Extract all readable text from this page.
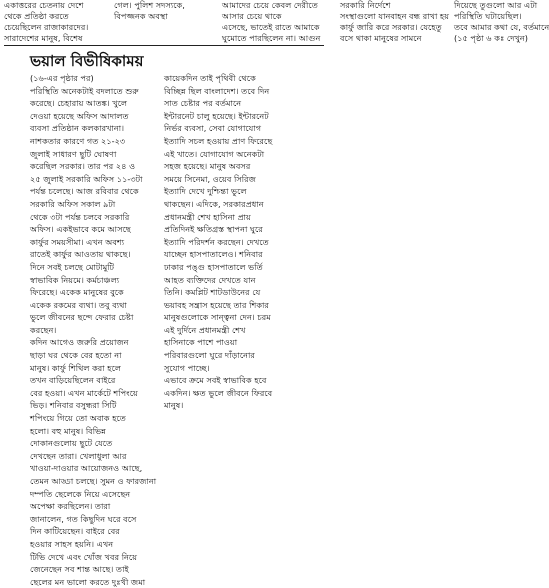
একাত্তরের চেতনায় দেশে
থেকে প্রতিষ্ঠা করতে
চেয়েছিলেন রাজাকারদের।
সারাদেশের মানুষ, বিশেষ
গেল। পুলিশ সদস্যকে,
বিপজ্জনক অবস্থা
আমাদের চেয়ে কেবল দেরীতে
আসার চেয়ে থাকে
এসেছে, ভাতেই রাতে আমাকে
ঘুমোতে পারছিলেন না। আগুন
সরকারি নির্দেশে
সংস্থাগুলো যানবাহন বন্ধ রাখা হয়
কার্ফু জারি করে সরকার। যেহেতু
বসে থাকা মানুষের সামনে
দিয়েছে তুগুলো আর এটা
পরিস্থিতি ঘটায়েছিল।
তবে আমার কথা যে, বর্তমানে
(১৫ পৃষ্ঠা ৬ কঃ দেখুন)
ভয়াল বিভীষিকাময়
(১৬-এর পৃষ্ঠার পর)
পরিস্থিতি অনেকটাই বদলাতে শুরু
করেছে। চেহারায় আতঙ্ক। খুলে
দেওয়া হয়েছে অফিস আদালত
ব্যবসা প্রতিষ্ঠান কলকারখানা।
নাশকতার কারণে গত ২১-২৩
জুলাই সাধারণ ছুটি ঘোষণা
করেছিল সরকার। তার পর ২৪ ও
২৫ জুলাই সরকারি অফিস ১১-৩টা
পর্যন্ত চলেছে। আজ রবিবার থেকে
সরকারি অফিস সকাল ৯টা
থেকে ৩টা পর্যন্ত চলবে সরকারি
অফিস। একইভাবে কমে আসছে
কার্ফুর সময়সীমা। এখন অবশ্য
রাতেই কার্ফুর আওতায় থাকছে।
দিনে সবই চলছে মোটামুটি
স্বাভাবিক নিয়মে। কর্মচাঞ্চল্য
ফিরেছে। একেক মানুষের বুকে
একেক রকমের ব্যথা। তবু ব্যথা
ভুলে জীবনের ছন্দে ফেরার চেষ্টা
করছেন।
কদিন আগেও জরুরি প্রয়োজন
ছাড়া ঘর থেকে বের হতো না
মানুষ। কার্ফু শিথিল করা হলে
তখন বাড়িয়েছিলেন বাইরে
বের হওয়া। এখন মার্কেটে শপিংয়ে
ভিড়। শনিবার বসুন্ধরা সিটি
শপিংয়ে গিয়ে তো অবাক হতে
হলো। বহু মানুষ। বিভিন্ন
দোকানগুলোয় ছুটে যেতে
দেখছেন তারা। খেলাধুলা আর
খাওয়া-দাওয়ার আয়োজনও আছে,
তেমন আড্ডা চলছে। সুমন ও ফারজানা
দম্পতি ছেলেকে নিয়ে এসেছেন
অপেক্ষা করছিলেন। তারা
জানালেন, গত কিছুদিন ঘরে বসে
দিন কাটিয়েছেন। বাইরে বের
হওয়ার সাহস হয়নি। এখন
টিভি দেখে এবং খোঁজ খবর নিয়ে
জেনেছেন সব শান্ত আছে। তাই
ছেলের মন ভালো করতে দুঃখী জমা
কায়েকদিন তাই পৃথিবী থেকে
বিচ্ছিন্ন ছিল বাংলাদেশ। তবে দিন
সাত চেষ্টার পর বর্তমানে
ইন্টারনেট চালু হয়েছে। ইন্টারনেট
নির্ভর ব্যবসা, সেবা যোগাযোগ
ইত্যাদি সচল হওয়ায় প্রাণ ফিরেছে
এই খাতে। যোগাযোগ অনেকটা
সহজ হয়েছে। মানুষ অবসর
সময়ে সিনেমা, ওয়েব সিরিজ
ইত্যাদি দেখে দুশ্চিন্তা ভুলে
থাকছেন। এদিকে, সরকারপ্রধান
প্রধানমন্ত্রী শেখ হাসিনা প্রায়
প্রতিদিনই ক্ষতিগ্রস্ত স্থাপনা ঘুরে
ইত্যাদি পরিদর্শন করছেন। দেখতে
যাচ্ছেন হাসপাতালেও। শনিবার
ঢাকার পঙ্গু হাসপাতালে ভর্তি
আহত ব্যক্তিদের দেখতে যান
তিনি। কমপ্লিট শাটডাউনের যে
ভয়াবহ সন্ত্রাস হয়েছে তার শিকার
মানুষগুলোকে সান্ত্বনা দেন। চরম
এই দুর্দিনে প্রধানমন্ত্রী শেখ
হাসিনাকে পাশে পাওয়া
পরিবারগুলো ঘুরে দাঁড়ানোর
সুযোগ পাচ্ছে।
এভাবে ক্রমে সবই স্বাভাবিক হবে
একদিন। ক্ষত ভুলে জীবনে ফিরবে
মানুষ।
